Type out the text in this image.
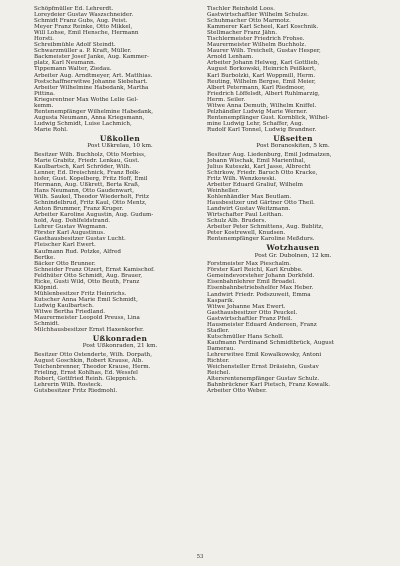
Schöpfmüller Ed. Lehrerdt.

Loreydeier Gustav Waszschneider.

Schmidt Franz Gubs, Aug. Peist.

Meyer Franz Reinke, Otto Mikkel,

Will Lohse, Emil Hensche, Hermann

Horsti.

Schreibmühle Adolf Steindt.

Schwarzmüller a. P. Kraft, Müller.

Backmeister Josef Janke, Aug. Kammer-

platz, Karl Neumann.

Tippemann Walter, Ziedau.

Arbeiter Aug. Arndtmeyer, Art. Matthias.

Postschaffnerwitwe Johanne Siebehart.

Arbeiter Wilhelmine Habedank, Martha

Pittina.

Kriegsrentner Max Wothe Lelie Gel-

kemm.

Rentenempfänger Wilhelmine Habedank,

Augusta Neumann, Anna Kriegsmann,

Ludwig Schmidt, Luise Lachmich,

Marie Rohl.

Ußkollen
Post Ußkrelau, 10 km.

Besitzer Wilh. Buchholz, Otto Morbiss,

Marie Grabitz, Friedr. Lenkau, Gust.

Kaulbartsch, Karl Schröder, Wilh.

Lenner, Ed. Dreischnick, Franz Bolk-

hofer, Gust. Kopelberg, Fritz Hoff, Emil

Hermann, Aug. Ußkrett, Berta Kraß,

Hans Neumann, Otto Gaudenwart,

Wilh. Saukel, Theodor Wiederholt, Fritz

Schnindelbrud, Fritz Kaul, Otto Mentz,

Anton Brummer, Franz Kruger.

Arbeiter Karoline Augustin, Aug. Gudum-

hold, Aug. Dohlfeldstrand.

Lehrer Gustav Wegmann.

Förster Karl Augustinus.

Gasthausbesitzer Gustav Lucht.

Fleischer Karl Ewert.

Kaufmann Rud. Potzke, Alfred

Bertke.

Bäcker Otto Brunner.

Schneider Franz Otzert, Ernst Kamischof.

Feldhüter Otto Schmidt, Aug. Brauer,

Ricke, Gusti Wild, Otto Beuth, Franz

Klöpnid.

Mühlenbesitzer Fritz Heinrichs.

Kutscher Anna Marie Emil Schmidt,

Ludwig Kaulbartsch.

Witwe Bertha Friedland.

Maurermeister Leopold Preuss, Lina

Schmidt.

Milchhausbesitzer Ernst Haxenkorfer.

Ußkonraden
Post Ußkonraden, 21 km.

Besitzer Otto Ostenderte, Wilh. Dorpath,

August Goschkin, Robert Krause, Alb.

Teichenbrenner, Theodor Krause, Herm.

Frieling, Ernst Kohlhas, Ed. Wessfel

Robert, Gottfried Reinh. Gleppnich.

Lehrerin Wilh. Rosteck.

Gutsbesitzer Fritz Riedmohl.

Tischler Reinhold Loos.

Gastwirtschaftler Wilhelm Schulze.

Schuhmacher Otto Marmotz.

Kammerer Karl Scheel, Karl Koschnik.

Stellmacher Franz Jähn.

Tischlermeister Friedrich Frohse.

Maurermeister Wilhelm Buchholz.

Maurer Wilh. Treichelt, Gustav Hesper,

Arnold Lenham.

Arbeiter Johann Helweg, Karl Gottlieb,

August Borkowski, Heinrich Peißkert,

Karl Burbolzki, Karl Woppmill, Herm.

Reuting, Wilhelm Bergse, Emil Meier,

Albert Petermann, Karl Riedmoor,

Friedrich Löffelsdt, Albert Ruhlmarzig,

Herm. Seiler.

Witwe Anna Demuth, Wilhelm Kniffel.

Pelzhändler Ludwig Marie Werner.

Rentenempfänger Gust. Kornblick, Wilhel-

mine Ludwig Lehr, Schaffer, Aug.

Rudolf Karl Tonnel, Ludwig Brandner.

Ußseiten
Post Boranoskiten, 5 km.

Besitzer Aug. Liedenburg, Emil Jodmatzen,

Johann Wischak, Emil Marienthal,

Julius Kuteszki, Karl Jasse, Albrecht

Schirkow, Friedr. Baruch Otto Kracke,

Fritz Wilh. Wenzkowski.

Arbeiter Eduard Graliuf, Wilhelm

Weinheller.

Kohlenhändler Max Beutlam.

Hausbesitzer und Gärtner Otto Theil.

Landwirt Gustav Weitzmann.

Wirtschafter Paul Leithan.

Schulz Alb. Bruders.

Arbeiter Peter Schmittens, Aug. Bublitz,

Peter Kostrewell, Knudsen.

Rentenempfänger Karoline Meßdurs.

Wotzhausen
Post Gr. Dubolnen, 12 km.

Forstmeister Max Pieschalm.

Förster Karl Reichl, Karl Krubbe.

Gemeindevorsteher Johann Dorkfeld.

Eisenbahnlehrer Emil Broadel.

Eisenbahnbetriebshelfer Max Heber.

Landwirt Friedr. Podszuweit, Emma

Kasparik.

Witwe Johanne Max Ewert.

Gasthausbesitzer Otto Peuckel.

Gastwirtschaftler Franz Pfeil.

Hausmeister Eduard Andereen, Franz

Stadler.

Kutschmüller Hans Scholl.

Kaufmann Ferdinand Schmidtbrück, August

Damerau.

Lehrerwitwe Emil Kowalkowsky, Antoni

Richter.

Weichensteller Ernst Dräsiehn, Gustav

Reichel.

Altersrentenempfänger Gustav Schulz.

Bahnbrückner Karl Pietsch, Franz Kowalk.

Arbeiter Otto Weber.

53
